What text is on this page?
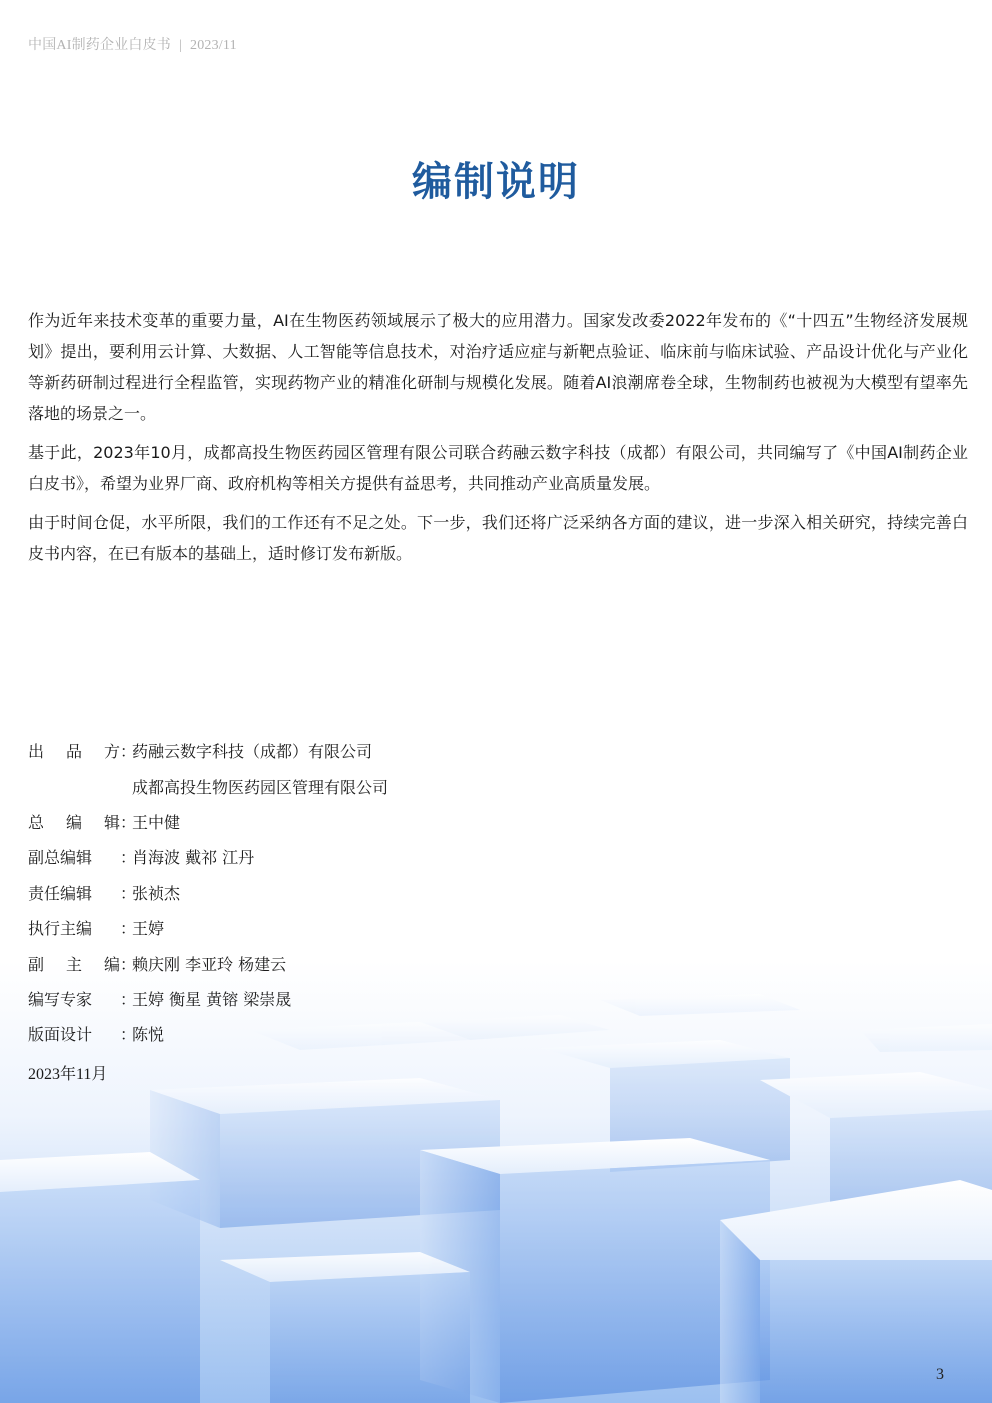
中国AI制药企业白皮书 | 2023/11
编制说明

作为近年来技术变革的重要力量，AI在生物医药领域展示了极大的应用潜力。国家发改委2022年发布的《“十四五”生物经济发展规划》提出，要利用云计算、大数据、人工智能等信息技术，对治疗适应症与新靶点验证、临床前与临床试验、产品设计优化与产业化等新药研制过程进行全程监管，实现药物产业的精准化研制与规模化发展。随着AI浪潮席卷全球，生物制药也被视为大模型有望率先落地的场景之一。

基于此，2023年10月，成都高投生物医药园区管理有限公司联合药融云数字科技（成都）有限公司，共同编写了《中国AI制药企业白皮书》，希望为业界厂商、政府机构等相关方提供有益思考，共同推动产业高质量发展。

由于时间仓促，水平所限，我们的工作还有不足之处。下一步，我们还将广泛采纳各方面的建议，进一步深入相关研究，持续完善白皮书内容，在已有版本的基础上，适时修订发布新版。

出 品 方 ：
药融云数字科技（成都）有限公司
成都高投生物医药园区管理有限公司
总 编 辑 ：
王中健
副总编辑	：
肖海波 戴祁 江丹
责任编辑	：
张祯杰
执行主编	：
王婷
副 主 编 ：
赖庆刚 李亚玲 杨建云
编写专家	：
王婷 衡星 黄镕 梁崇晟
版面设计	：
陈悦
2023年11月
3
